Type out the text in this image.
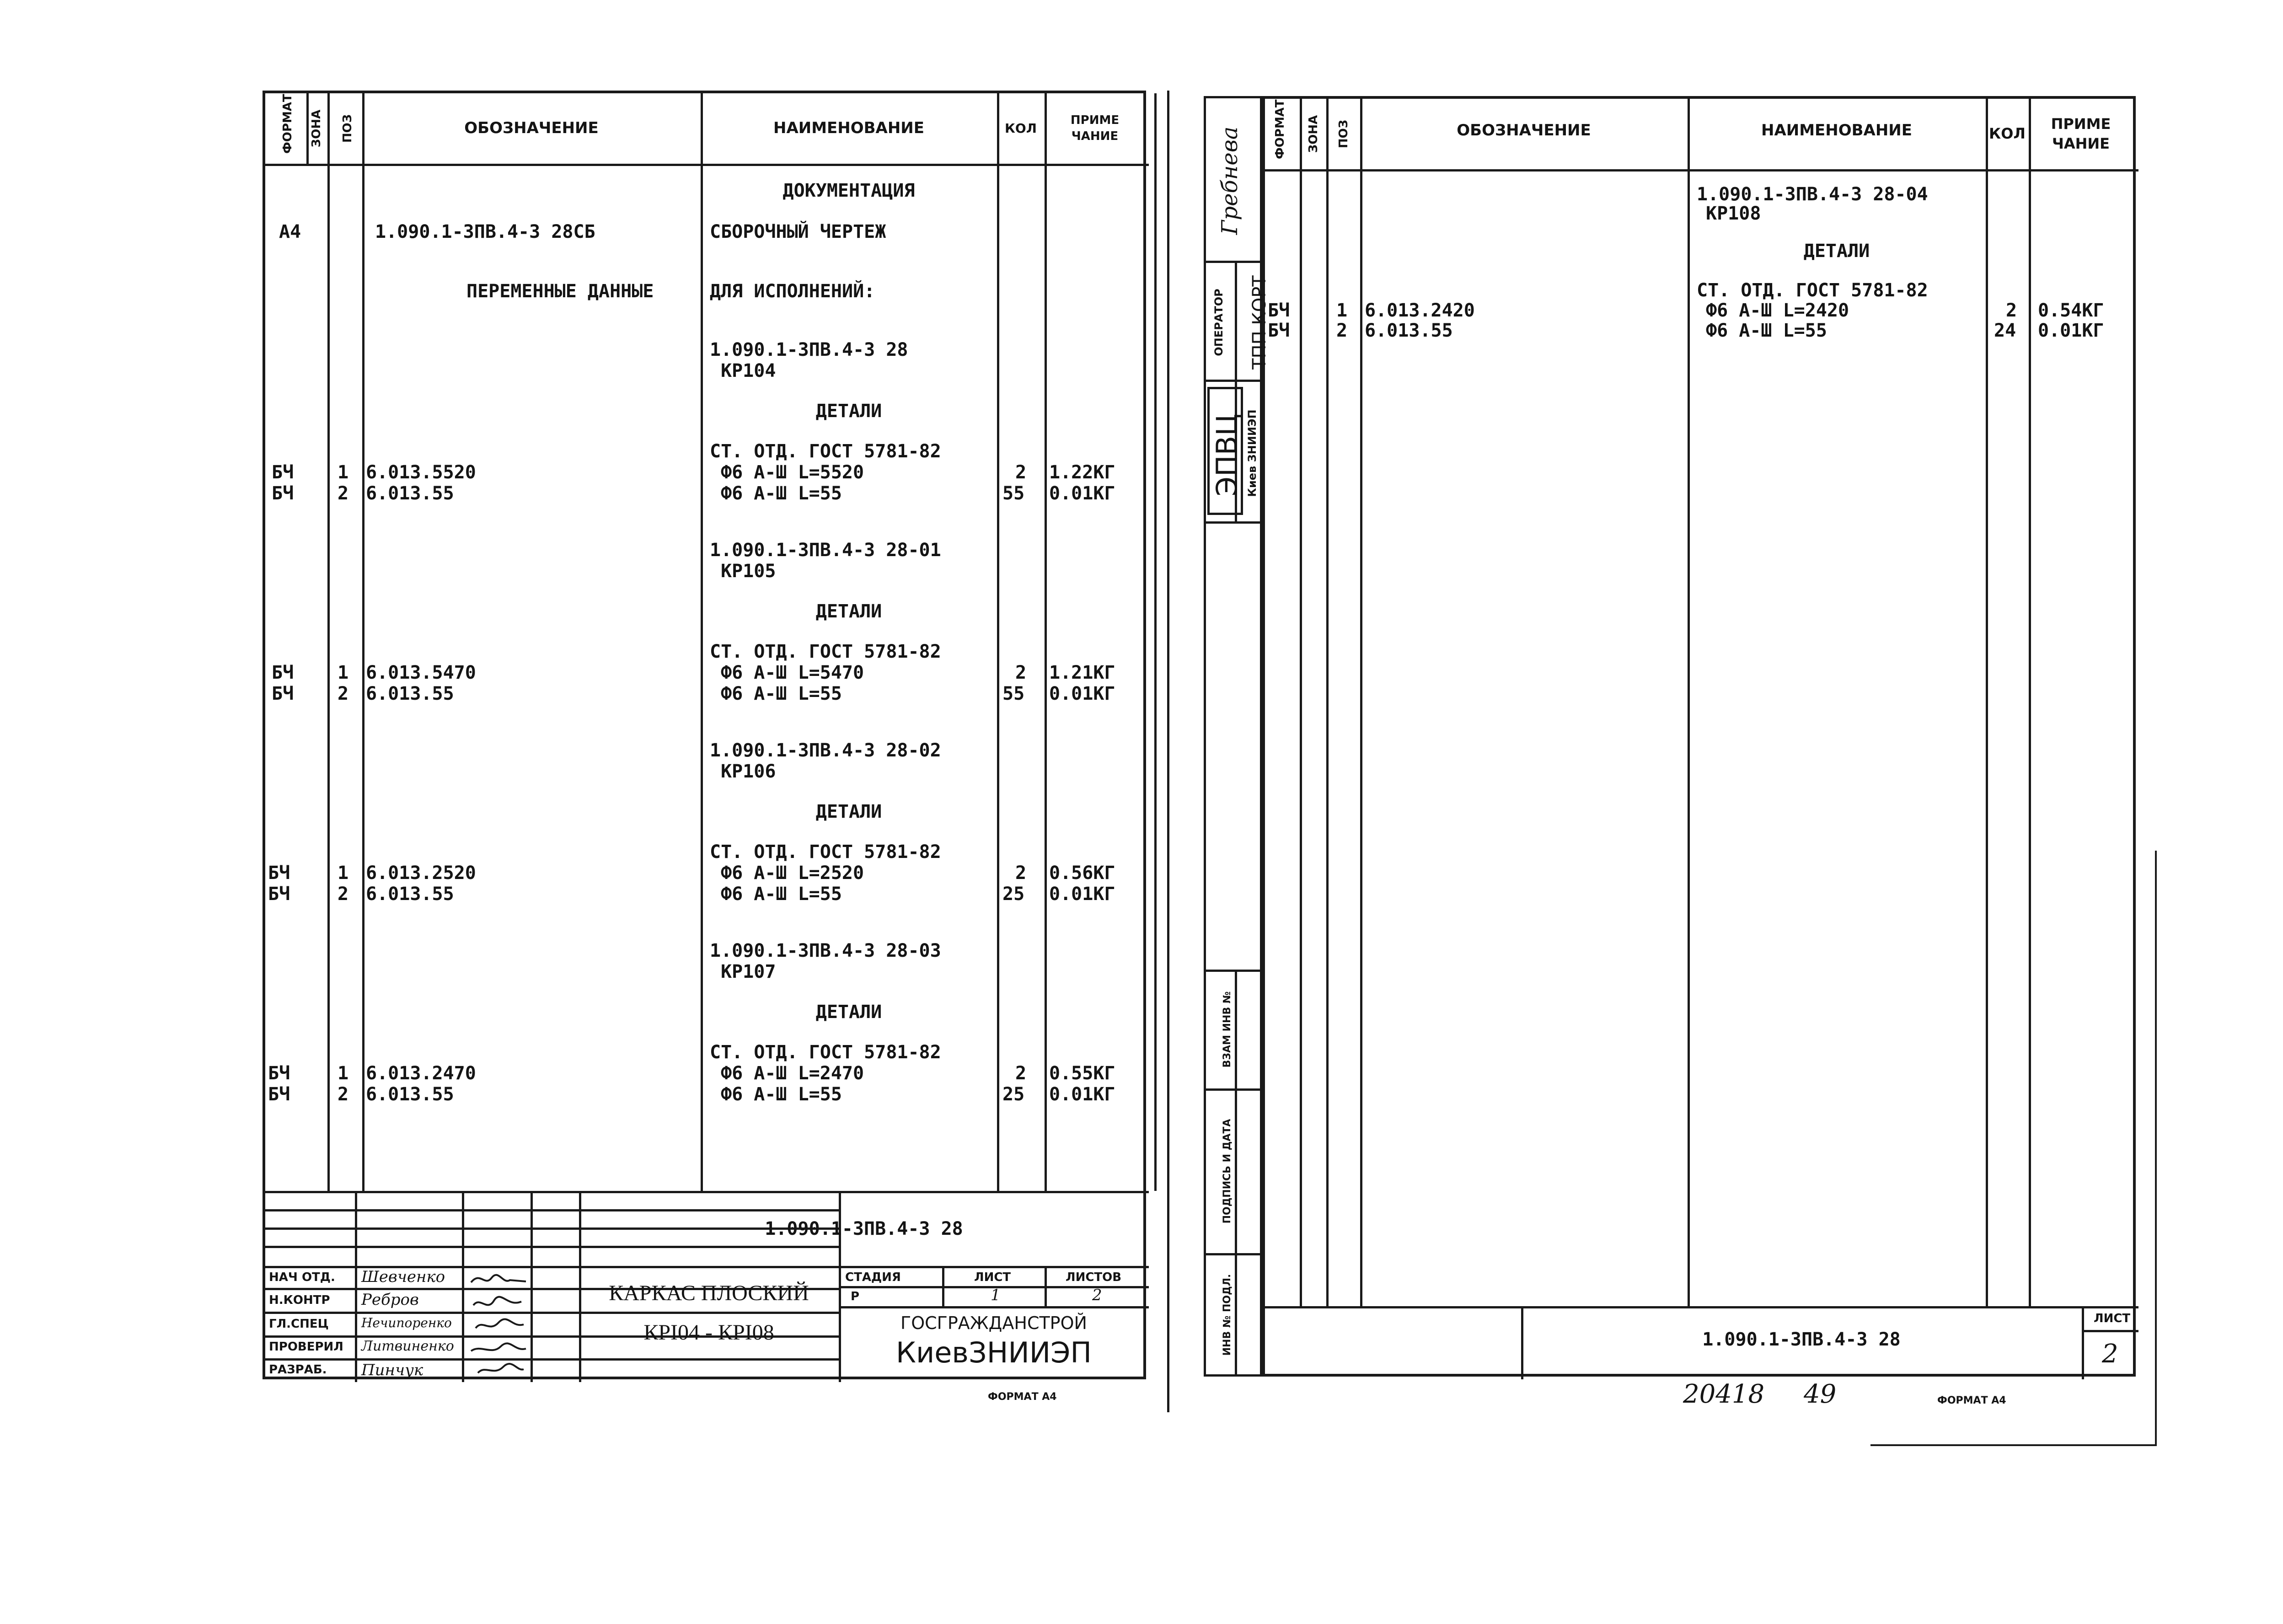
ФОРМАТ ЗОНА ПОЗ	ОБОЗНАЧЕНИЕ	НАИМЕНОВАНИЕ	КОЛ
ПРИМЕ ЧАНИЕ
ДОКУМЕНТАЦИЯ
А4	1.090.1-3ПВ.4-3 28СБ	СБОРОЧНЫЙ ЧЕРТЕЖ
ПЕРЕМЕННЫЕ ДАННЫЕ	ДЛЯ ИСПОЛНЕНИЙ:
1.090.1-3ПВ.4-3 28
КР104
ДЕТАЛИ
СТ. ОТД. ГОСТ 5781-82
БЧ 1 6.013.5520	Ф6 А-Ш L=5520	2 1.22КГ
БЧ 2 6.013.55	Ф6 А-Ш L=55	55 0.01КГ
1.090.1-3ПВ.4-3 28-01
КР105
ДЕТАЛИ
СТ. ОТД. ГОСТ 5781-82
БЧ 1 6.013.5470	Ф6 А-Ш L=5470	2 1.21КГ
БЧ 2 6.013.55	Ф6 А-Ш L=55	55 0.01КГ
1.090.1-3ПВ.4-3 28-02
КР106
ДЕТАЛИ
СТ. ОТД. ГОСТ 5781-82
БЧ	1 6.013.2520	Ф6 А-Ш L=2520	2 0.56КГ
БЧ	2 6.013.55	Ф6 А-Ш L=55	25 0.01КГ
1.090.1-3ПВ.4-3 28-03
КР107
ДЕТАЛИ
СТ. ОТД. ГОСТ 5781-82
БЧ	1 6.013.2470	Ф6 А-Ш L=2470	2 0.55КГ
БЧ	2 6.013.55	Ф6 А-Ш L=55	25 0.01КГ
НАЧ ОТД.
Н.КОНТР
ГЛ.СПЕЦ
ПРОВЕРИЛ
РАЗРАБ.
Шевченко
Ребров
Нечипоренко
Литвиненко
Пинчук
1.090.1-3ПВ.4-3 28
КАРКАС ПЛОСКИЙ
КРI04 - КРI08
СТАДИЯ	ЛИСТ	ЛИСТОВ
Р	1	2
ГОСГРАЖДАНСТРОЙ
КиевЗНИИЭП
ФОРМАТ А4
Гребнева
ОПЕРАТОР ТПП КОРТ
ЭПВЦ Киев ЗНИИЭП
ВЗАМ ИНВ №
ПОДПИСЬ И ДАТА
ИНВ № ПОДЛ.
ФОРМАТ ЗОНА ПОЗ	ОБОЗНАЧЕНИЕ	НАИМЕНОВАНИЕ	КОЛ
ПРИМЕ ЧАНИЕ
1.090.1-3ПВ.4-3 28-04
КР108
ДЕТАЛИ
СТ. ОТД. ГОСТ 5781-82
БЧ	1 6.013.2420	Ф6 А-Ш L=2420	2 0.54КГ
БЧ	2 6.013.55	Ф6 А-Ш L=55	24 0.01КГ
1.090.1-3ПВ.4-3 28
ЛИСТ
2
20418 49	ФОРМАТ А4
